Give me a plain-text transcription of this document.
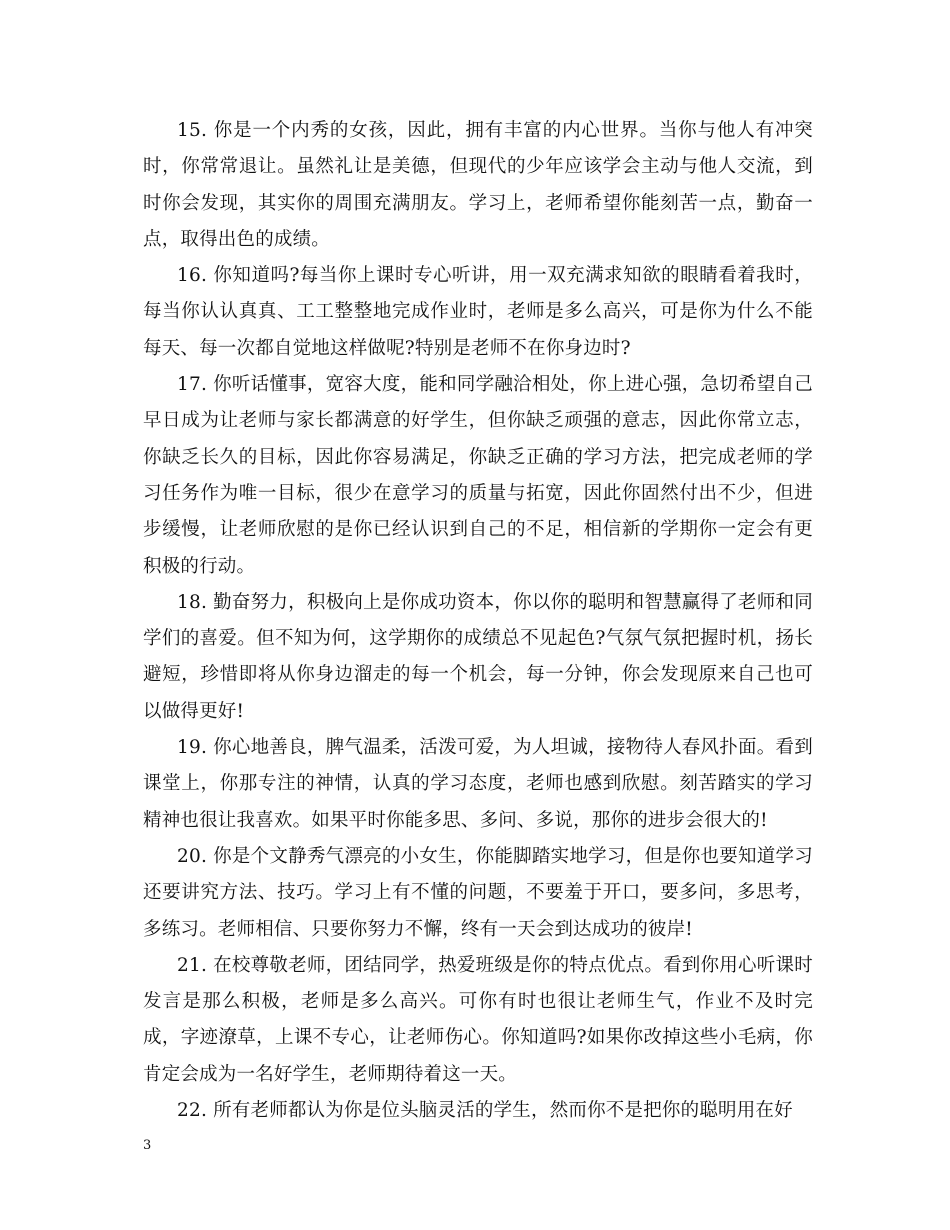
15. 你是一个内秀的女孩，因此，拥有丰富的内心世界。当你与他人有冲突时，你常常退让。虽然礼让是美德，但现代的少年应该学会主动与他人交流，到时你会发现，其实你的周围充满朋友。学习上，老师希望你能刻苦一点，勤奋一点，取得出色的成绩。

16. 你知道吗?每当你上课时专心听讲，用一双充满求知欲的眼睛看着我时，每当你认认真真、工工整整地完成作业时，老师是多么高兴，可是你为什么不能每天、每一次都自觉地这样做呢?特别是老师不在你身边时?

17. 你听话懂事，宽容大度，能和同学融洽相处，你上进心强，急切希望自己早日成为让老师与家长都满意的好学生，但你缺乏顽强的意志，因此你常立志，你缺乏长久的目标，因此你容易满足，你缺乏正确的学习方法，把完成老师的学习任务作为唯一目标，很少在意学习的质量与拓宽，因此你固然付出不少，但进步缓慢，让老师欣慰的是你已经认识到自己的不足，相信新的学期你一定会有更积极的行动。

18. 勤奋努力，积极向上是你成功资本，你以你的聪明和智慧赢得了老师和同学们的喜爱。但不知为何，这学期你的成绩总不见起色?气氛气氛把握时机，扬长避短，珍惜即将从你身边溜走的每一个机会，每一分钟，你会发现原来自己也可以做得更好!

19. 你心地善良，脾气温柔，活泼可爱，为人坦诚，接物待人春风扑面。看到课堂上，你那专注的神情，认真的学习态度，老师也感到欣慰。刻苦踏实的学习精神也很让我喜欢。如果平时你能多思、多问、多说，那你的进步会很大的!

20. 你是个文静秀气漂亮的小女生，你能脚踏实地学习，但是你也要知道学习还要讲究方法、技巧。学习上有不懂的问题，不要羞于开口，要多问，多思考，多练习。老师相信、只要你努力不懈，终有一天会到达成功的彼岸!

21. 在校尊敬老师，团结同学，热爱班级是你的特点优点。看到你用心听课时发言是那么积极，老师是多么高兴。可你有时也很让老师生气，作业不及时完成，字迹潦草，上课不专心，让老师伤心。你知道吗?如果你改掉这些小毛病，你肯定会成为一名好学生，老师期待着这一天。

22. 所有老师都认为你是位头脑灵活的学生，然而你不是把你的聪明用在好

3
